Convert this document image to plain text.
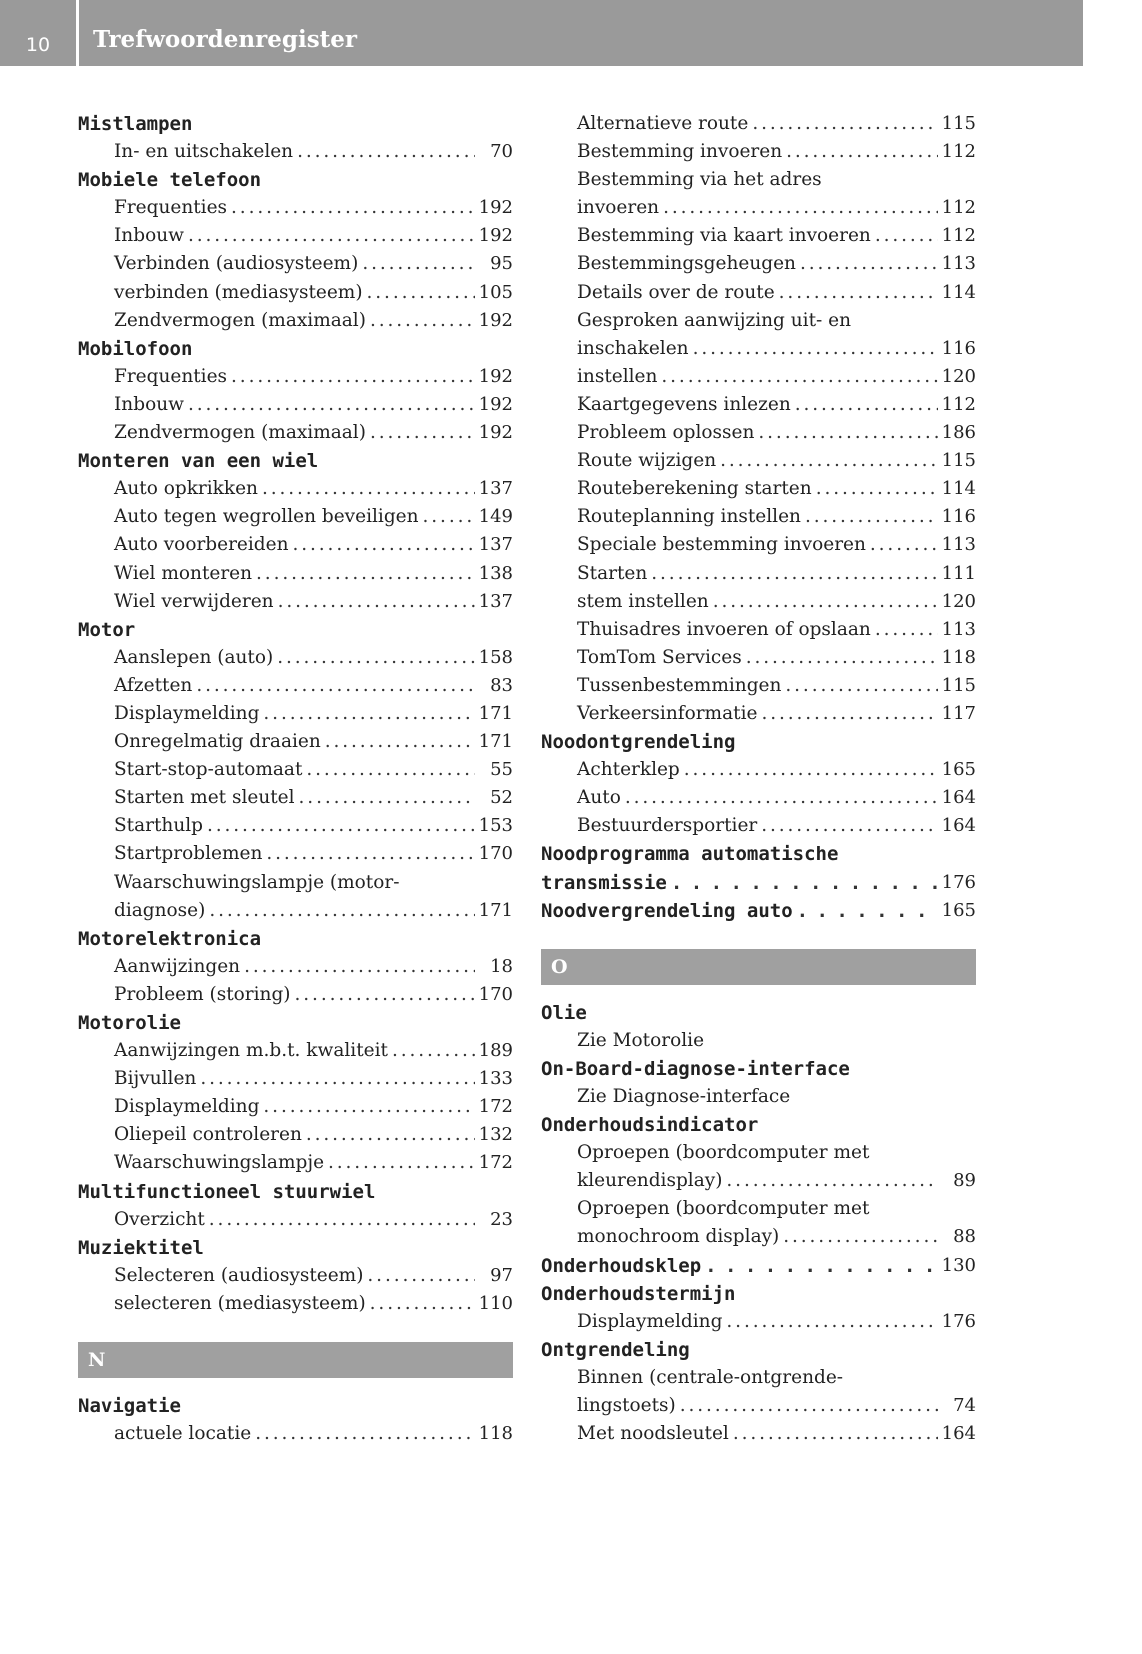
10	Trefwoordenregister
Mistlampen
In- en uitschakelen . . .	70
Mobiele telefoon
Frequenties . . .	192
Inbouw . . .	192
Verbinden (audiosysteem) . . .	95
verbinden (mediasysteem) . . .	105
Zendvermogen (maximaal) . . .	192
Mobilofoon
Frequenties . . .	192
Inbouw . . .	192
Zendvermogen (maximaal) . . .	192
Monteren van een wiel
Auto opkrikken . . .	137
Auto tegen wegrollen beveiligen . . .	149
Auto voorbereiden . . .	137
Wiel monteren . . .	138
Wiel verwijderen . . .	137
Motor
Aanslepen (auto) . . .	158
Afzetten . . .	83
Displaymelding . . .	171
Onregelmatig draaien . . .	171
Start-stop-automaat . . .	55
Starten met sleutel . . .	52
Starthulp . . .	153
Startproblemen . . .	170
Waarschuwingslampje (motor-
diagnose) . . .	171
Motorelektronica
Aanwijzingen . . .	18
Probleem (storing) . . .	170
Motorolie
Aanwijzingen m.b.t. kwaliteit . . .	189
Bijvullen . . .	133
Displaymelding . . .	172
Oliepeil controleren . . .	132
Waarschuwingslampje . . .	172
Multifunctioneel stuurwiel
Overzicht . . .	23
Muziektitel
Selecteren (audiosysteem) . . .	97
selecteren (mediasysteem) . . .	110
N
Navigatie
actuele locatie . . .	118
Alternatieve route . . .	115
Bestemming invoeren . . .	112
Bestemming via het adres
invoeren . . .	112
Bestemming via kaart invoeren . . .	112
Bestemmingsgeheugen . . .	113
Details over de route . . .	114
Gesproken aanwijzing uit- en
inschakelen . . .	116
instellen . . .	120
Kaartgegevens inlezen . . .	112
Probleem oplossen . . .	186
Route wijzigen . . .	115
Routeberekening starten . . .	114
Routeplanning instellen . . .	116
Speciale bestemming invoeren . . .	113
Starten . . .	111
stem instellen . . .	120
Thuisadres invoeren of opslaan . . .	113
TomTom Services . . .	118
Tussenbestemmingen . . .	115
Verkeersinformatie . . .	117
Noodontgrendeling
Achterklep . . .	165
Auto . . .	164
Bestuurdersportier . . .	164
Noodprogramma automatische
transmissie . . .	176
Noodvergrendeling auto . . .	165
O
Olie
Zie Motorolie
On-Board-diagnose-interface
Zie Diagnose-interface
Onderhoudsindicator
Oproepen (boordcomputer met
kleurendisplay) . . .	89
Oproepen (boordcomputer met
monochroom display) . . .	88
Onderhoudsklep . . .	130
Onderhoudstermijn
Displaymelding . . .	176
Ontgrendeling
Binnen (centrale-ontgrende-
lingstoets) . . .	74
Met noodsleutel . . .	164
